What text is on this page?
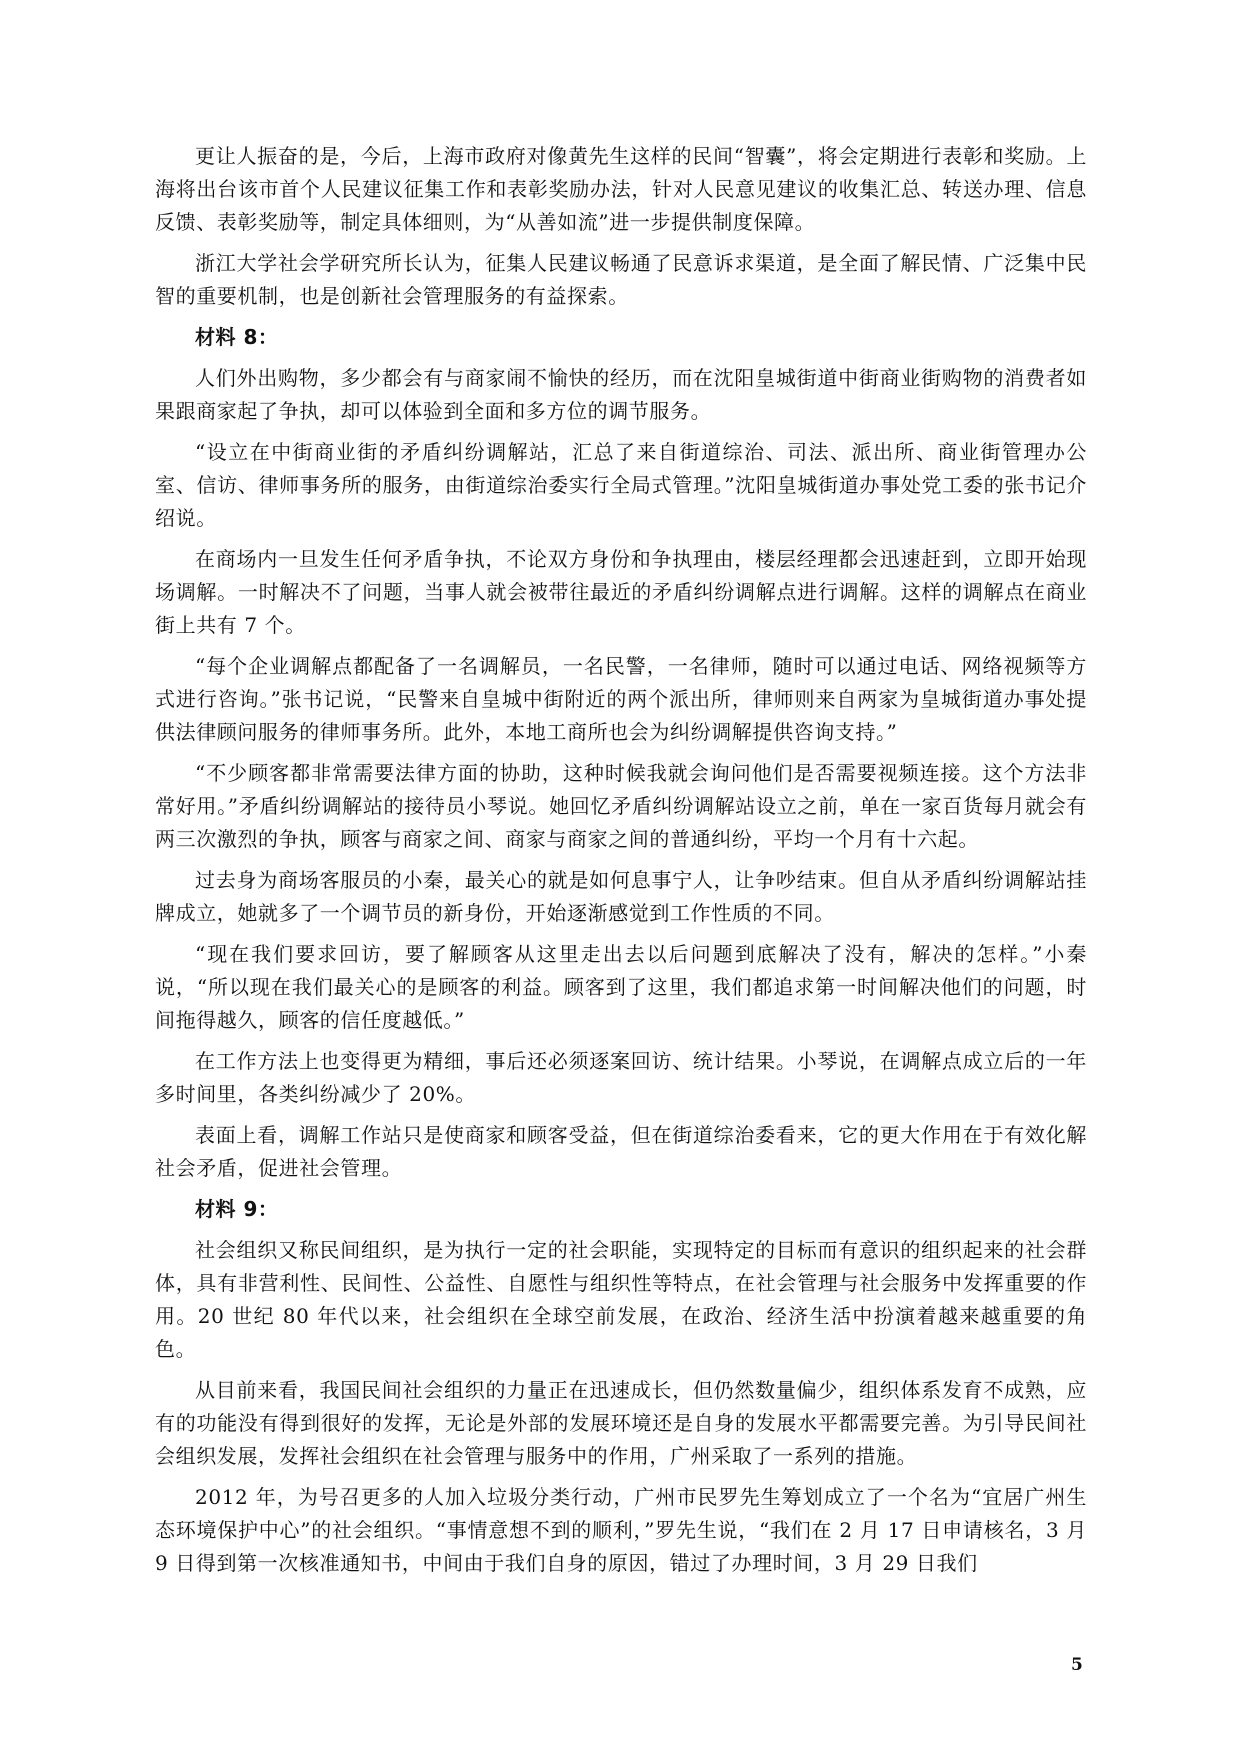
更让人振奋的是，今后，上海市政府对像黄先生这样的民间“智囊”，将会定期进行表彰和奖励。上海将出台该市首个人民建议征集工作和表彰奖励办法，针对人民意见建议的收集汇总、转送办理、信息反馈、表彰奖励等，制定具体细则，为“从善如流”进一步提供制度保障。

浙江大学社会学研究所长认为，征集人民建议畅通了民意诉求渠道，是全面了解民情、广泛集中民智的重要机制，也是创新社会管理服务的有益探索。

材料 8：

人们外出购物，多少都会有与商家闹不愉快的经历，而在沈阳皇城街道中街商业街购物的消费者如果跟商家起了争执，却可以体验到全面和多方位的调节服务。

“设立在中街商业街的矛盾纠纷调解站，汇总了来自街道综治、司法、派出所、商业街管理办公室、信访、律师事务所的服务，由街道综治委实行全局式管理。”沈阳皇城街道办事处党工委的张书记介绍说。

在商场内一旦发生任何矛盾争执，不论双方身份和争执理由，楼层经理都会迅速赶到，立即开始现场调解。一时解决不了问题，当事人就会被带往最近的矛盾纠纷调解点进行调解。这样的调解点在商业街上共有 7 个。

“每个企业调解点都配备了一名调解员，一名民警，一名律师，随时可以通过电话、网络视频等方式进行咨询。”张书记说，“民警来自皇城中街附近的两个派出所，律师则来自两家为皇城街道办事处提供法律顾问服务的律师事务所。此外，本地工商所也会为纠纷调解提供咨询支持。”

“不少顾客都非常需要法律方面的协助，这种时候我就会询问他们是否需要视频连接。这个方法非常好用。”矛盾纠纷调解站的接待员小琴说。她回忆矛盾纠纷调解站设立之前，单在一家百货每月就会有两三次激烈的争执，顾客与商家之间、商家与商家之间的普通纠纷，平均一个月有十六起。

过去身为商场客服员的小秦，最关心的就是如何息事宁人，让争吵结束。但自从矛盾纠纷调解站挂牌成立，她就多了一个调节员的新身份，开始逐渐感觉到工作性质的不同。

“现在我们要求回访，要了解顾客从这里走出去以后问题到底解决了没有，解决的怎样。”小秦说，“所以现在我们最关心的是顾客的利益。顾客到了这里，我们都追求第一时间解决他们的问题，时间拖得越久，顾客的信任度越低。”

在工作方法上也变得更为精细，事后还必须逐案回访、统计结果。小琴说，在调解点成立后的一年多时间里，各类纠纷减少了 20%。

表面上看，调解工作站只是使商家和顾客受益，但在街道综治委看来，它的更大作用在于有效化解社会矛盾，促进社会管理。

材料 9：

社会组织又称民间组织，是为执行一定的社会职能，实现特定的目标而有意识的组织起来的社会群体，具有非营利性、民间性、公益性、自愿性与组织性等特点，在社会管理与社会服务中发挥重要的作用。20 世纪 80 年代以来，社会组织在全球空前发展，在政治、经济生活中扮演着越来越重要的角色。

从目前来看，我国民间社会组织的力量正在迅速成长，但仍然数量偏少，组织体系发育不成熟，应有的功能没有得到很好的发挥，无论是外部的发展环境还是自身的发展水平都需要完善。为引导民间社会组织发展，发挥社会组织在社会管理与服务中的作用，广州采取了一系列的措施。

2012 年，为号召更多的人加入垃圾分类行动，广州市民罗先生筹划成立了一个名为“宜居广州生态环境保护中心”的社会组织。“事情意想不到的顺利，”罗先生说，“我们在 2 月 17 日申请核名，3 月 9 日得到第一次核准通知书，中间由于我们自身的原因，错过了办理时间，3 月 29 日我们

5
